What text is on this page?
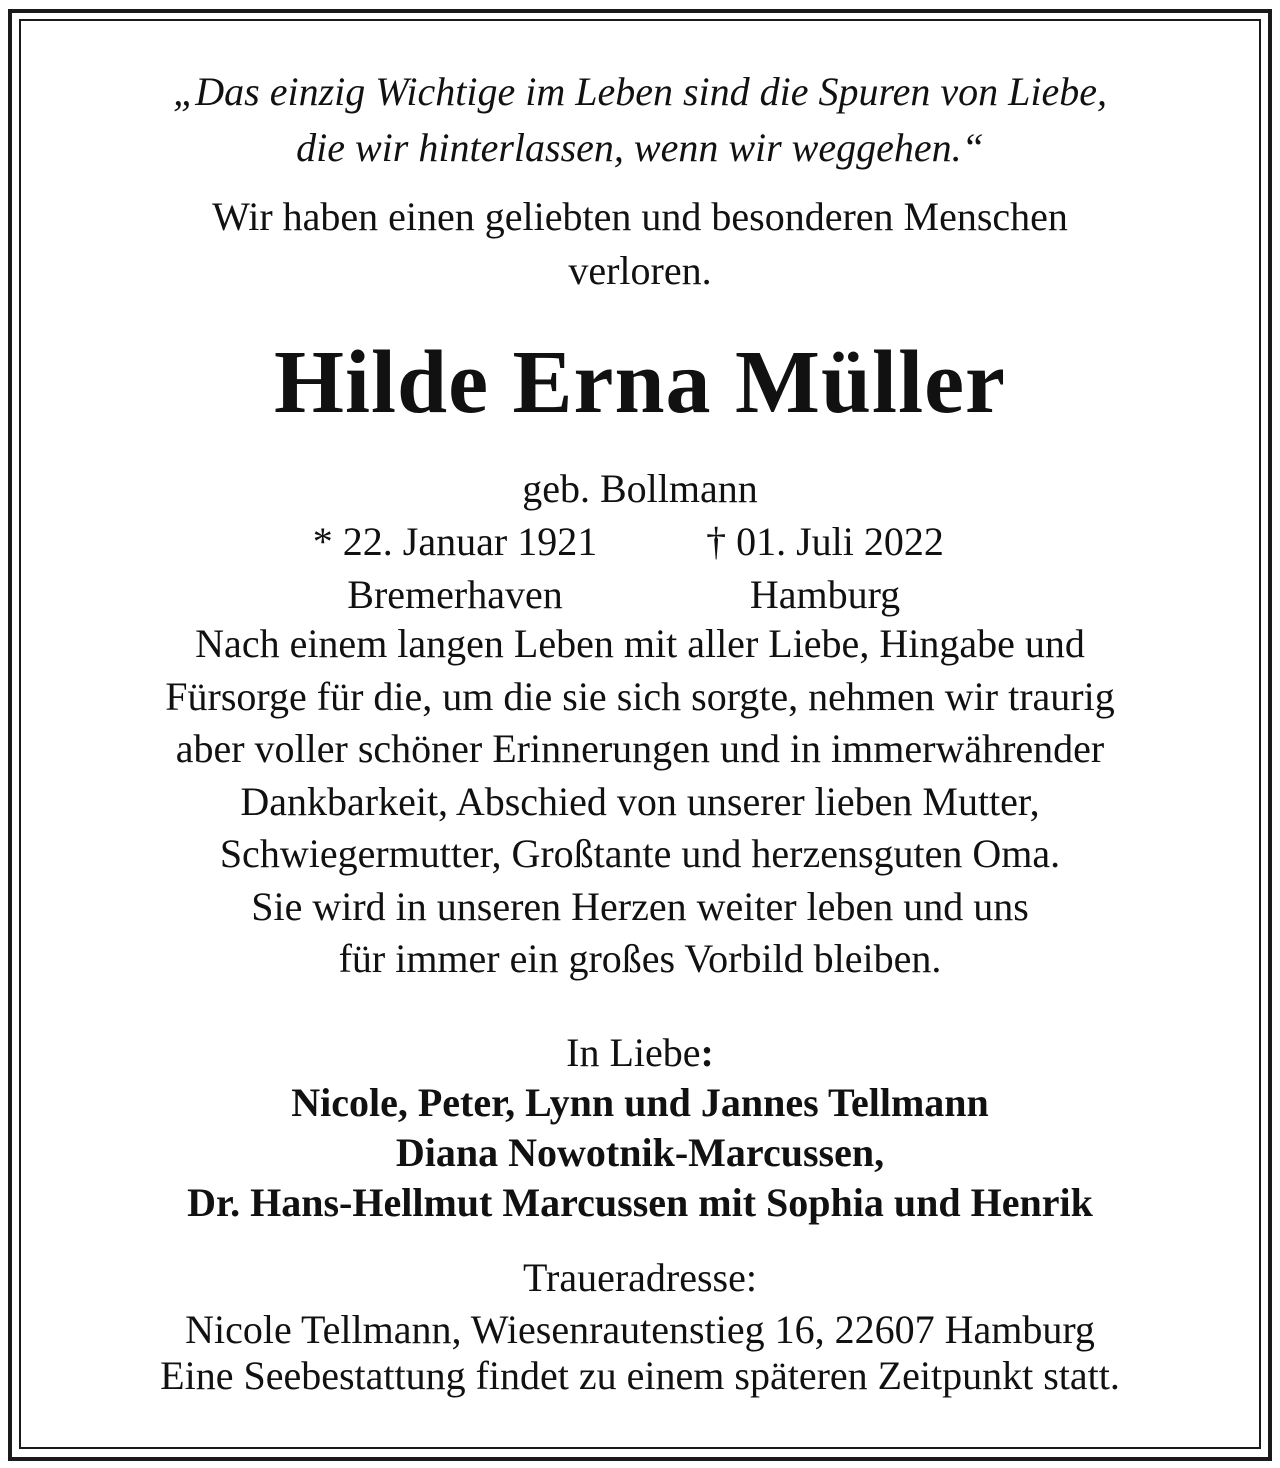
„Das einzig Wichtige im Leben sind die Spuren von Liebe,
die wir hinterlassen, wenn wir weggehen.“
Wir haben einen geliebten und besonderen Menschen
verloren.
Hilde Erna Müller
geb. Bollmann
* 22. Januar 1921	† 01. Juli 2022
Bremerhaven	Hamburg
Nach einem langen Leben mit aller Liebe, Hingabe und
Fürsorge für die, um die sie sich sorgte, nehmen wir traurig
aber voller schöner Erinnerungen und in immerwährender
Dankbarkeit, Abschied von unserer lieben Mutter,
Schwiegermutter, Großtante und herzensguten Oma.
Sie wird in unseren Herzen weiter leben und uns
für immer ein großes Vorbild bleiben.
In Liebe:
Nicole, Peter, Lynn und Jannes Tellmann
Diana Nowotnik-Marcussen,
Dr. Hans-Hellmut Marcussen mit Sophia und Henrik
Traueradresse:
Nicole Tellmann, Wiesenrautenstieg 16, 22607 Hamburg
Eine Seebestattung findet zu einem späteren Zeitpunkt statt.
